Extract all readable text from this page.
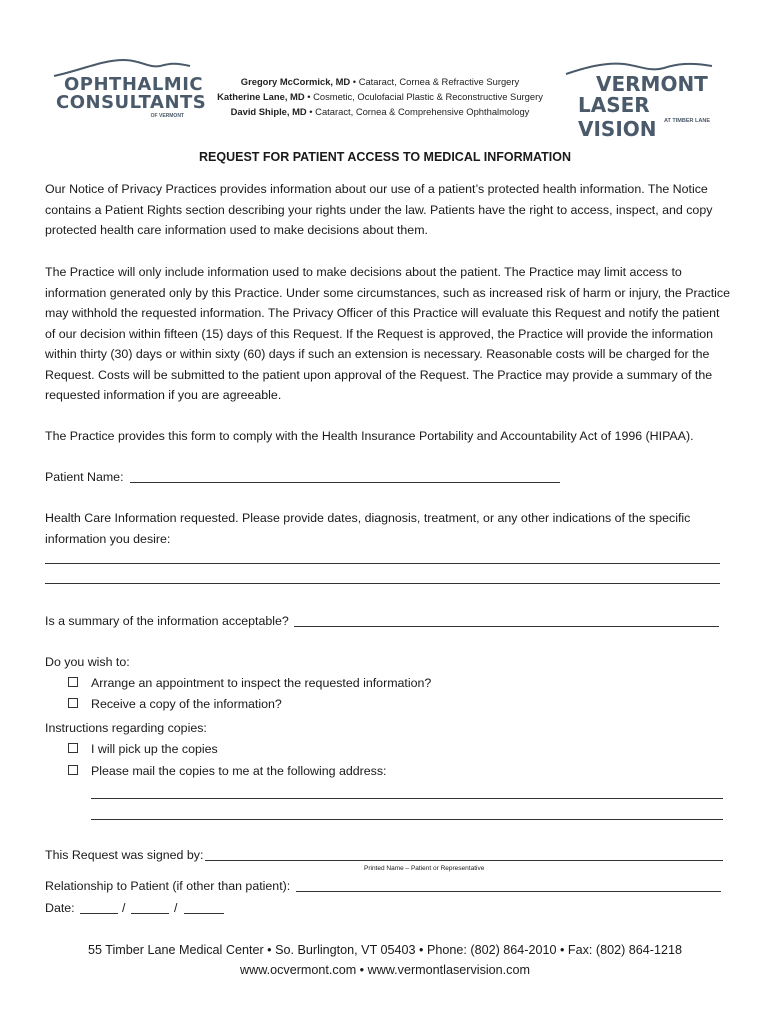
OPHTHALMIC
CONSULTANTS
OF VERMONT
Gregory McCormick, MD • Cataract, Cornea & Refractive Surgery
Katherine Lane, MD • Cosmetic, Oculofacial Plastic & Reconstructive Surgery
David Shiple, MD • Cataract, Cornea & Comprehensive Ophthalmology
VERMONT
LASER VISION	AT TIMBER LANE
REQUEST FOR PATIENT ACCESS TO MEDICAL INFORMATION
Our Notice of Privacy Practices provides information about our use of a patient’s protected health information. The Notice contains a Patient Rights section describing your rights under the law. Patients have the right to access, inspect, and copy protected health care information used to make decisions about them.
The Practice will only include information used to make decisions about the patient. The Practice may limit access to information generated only by this Practice. Under some circumstances, such as increased risk of harm or injury, the Practice may withhold the requested information. The Privacy Officer of this Practice will evaluate this Request and notify the patient of our decision within fifteen (15) days of this Request. If the Request is approved, the Practice will provide the information within thirty (30) days or within sixty (60) days if such an extension is necessary. Reasonable costs will be charged for the Request. Costs will be submitted to the patient upon approval of the Request. The Practice may provide a summary of the requested information if you are agreeable.
The Practice provides this form to comply with the Health Insurance Portability and Accountability Act of 1996 (HIPAA).
Patient Name:
Health Care Information requested. Please provide dates, diagnosis, treatment, or any other indications of the specific information you desire:
Is a summary of the information acceptable?
Do you wish to:
Arrange an appointment to inspect the requested information?
Receive a copy of the information?
Instructions regarding copies:
I will pick up the copies
Please mail the copies to me at the following address:
This Request was signed by:
Printed Name – Patient or Representative
Relationship to Patient (if other than patient):
Date:	/	/
55 Timber Lane Medical Center • So. Burlington, VT 05403 • Phone: (802) 864-2010 • Fax: (802) 864-1218
www.ocvermont.com • www.vermontlaservision.com
